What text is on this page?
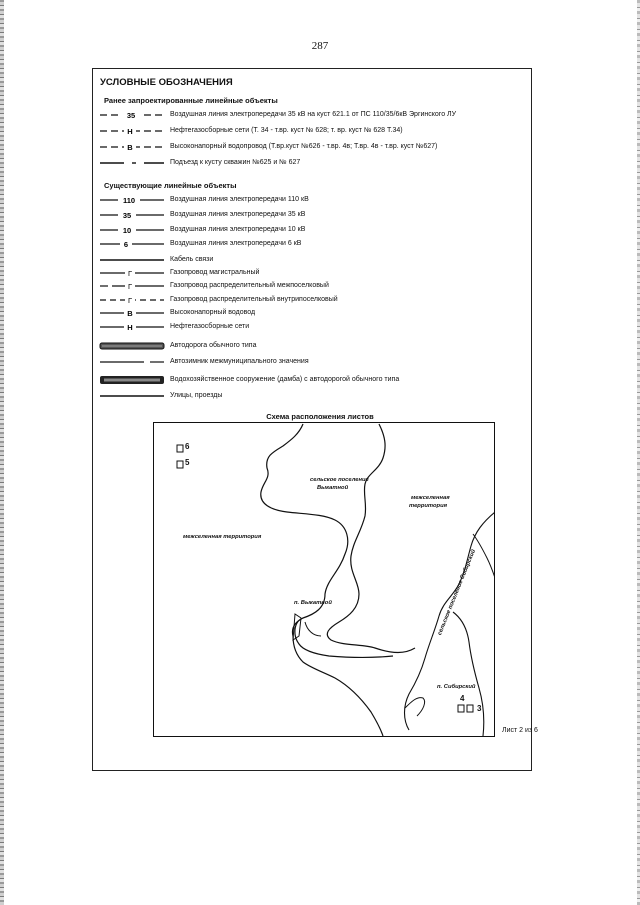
287
УСЛОВНЫЕ ОБОЗНАЧЕНИЯ
Ранее запроектированные линейные объекты
35	Воздушная линия электропередачи 35 кВ на куст 621.1 от ПС 110/35/6кВ Эргинского ЛУ
Н	Нефтегазосборные сети (Т. 34 - т.вр. куст № 628; т. вр. куст № 628 Т.34)
В	Высоконапорный водопровод (Т.вр.куст №626 - т.вр. 4в; Т.вр. 4в - т.вр. куст №627)
Подъезд к кусту скважин №625 и № 627
Существующие линейные объекты
110	Воздушная линия электропередачи 110 кВ
35	Воздушная линия электропередачи 35 кВ
10	Воздушная линия электропередачи 10 кВ
6	Воздушная линия электропередачи 6 кВ
Кабель связи
Г	Газопровод магистральный
Г	Газопровод распределительный межпоселковый
Г	Газопровод распределительный внутрипоселковый
В	Высоконапорный водовод
Н	Нефтегазосборные сети
Автодорога обычного типа
Автозимник межмуниципального значения
Водохозяйственное сооружение (дамба) с автодорогой обычного типа
Улицы, проезды
Схема расположения листов
6
5
4
3
сельское поселение
Выкатной
межселенная
территория
межселенная территория
п. Выкатной	сельское поселение Сибирский
п. Сибирский
Лист 2 из 6
